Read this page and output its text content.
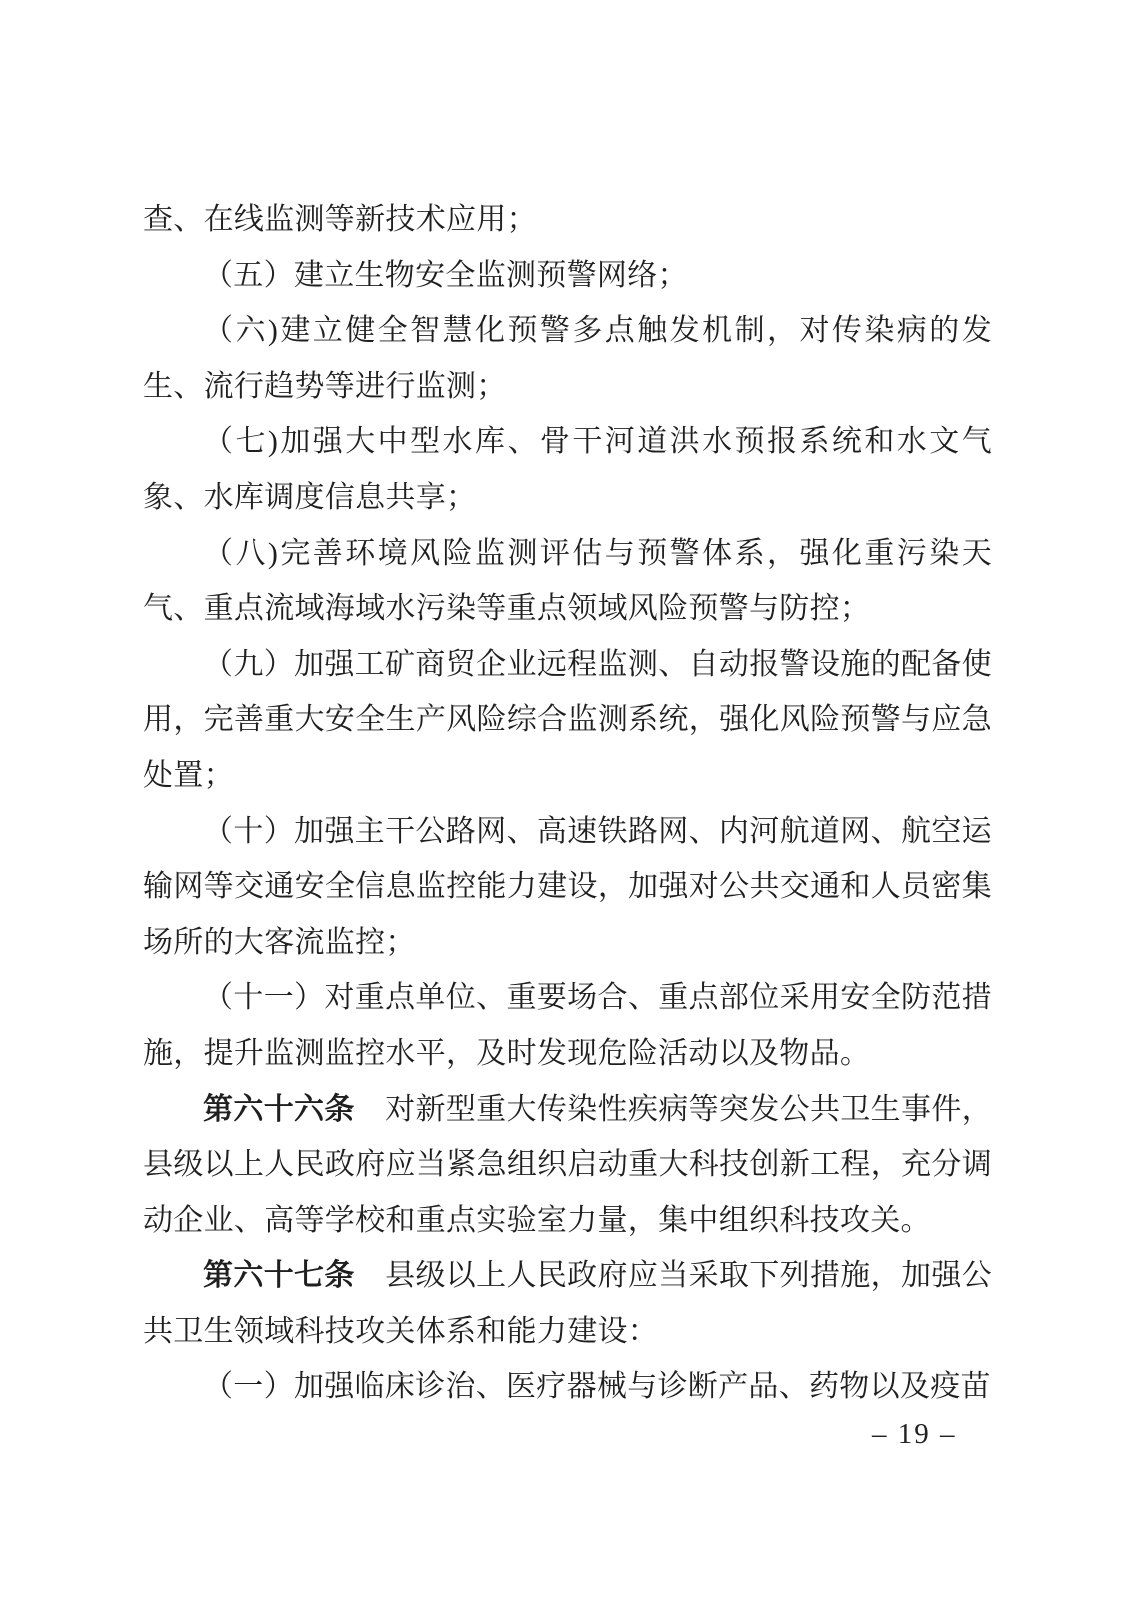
查、在线监测等新技术应用；

（五）建立生物安全监测预警网络；

（六)建立健全智慧化预警多点触发机制，对传染病的发生、流行趋势等进行监测；

（七)加强大中型水库、骨干河道洪水预报系统和水文气象、水库调度信息共享；

（八)完善环境风险监测评估与预警体系，强化重污染天气、重点流域海域水污染等重点领域风险预警与防控；

（九）加强工矿商贸企业远程监测、自动报警设施的配备使用，完善重大安全生产风险综合监测系统，强化风险预警与应急处置；

（十）加强主干公路网、高速铁路网、内河航道网、航空运输网等交通安全信息监控能力建设，加强对公共交通和人员密集场所的大客流监控；

（十一）对重点单位、重要场合、重点部位采用安全防范措施，提升监测监控水平，及时发现危险活动以及物品。

第六十六条　对新型重大传染性疾病等突发公共卫生事件，县级以上人民政府应当紧急组织启动重大科技创新工程，充分调动企业、高等学校和重点实验室力量，集中组织科技攻关。

第六十七条　县级以上人民政府应当采取下列措施，加强公共卫生领域科技攻关体系和能力建设：

（一）加强临床诊治、医疗器械与诊断产品、药物以及疫苗

– 19 –
